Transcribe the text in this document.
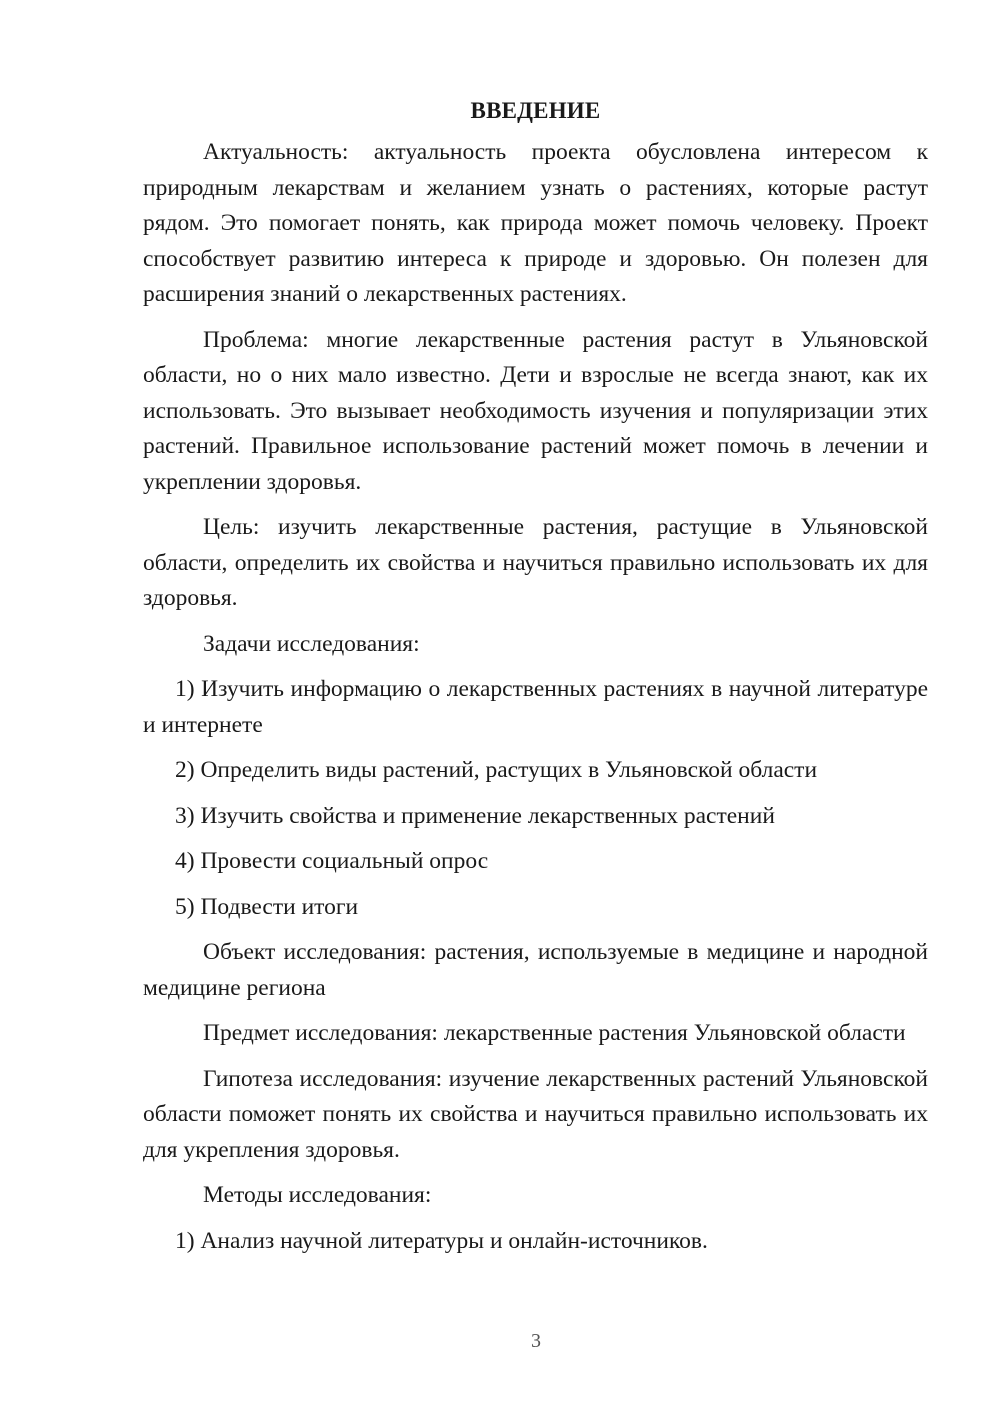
ВВЕДЕНИЕ

Актуальность: актуальность проекта обусловлена интересом к природным лекарствам и желанием узнать о растениях, которые растут рядом. Это помогает понять, как природа может помочь человеку. Проект способствует развитию интереса к природе и здоровью. Он полезен для расширения знаний о лекарственных растениях.

Проблема: многие лекарственные растения растут в Ульяновской области, но о них мало известно. Дети и взрослые не всегда знают, как их использовать. Это вызывает необходимость изучения и популяризации этих растений. Правильное использование растений может помочь в лечении и укреплении здоровья.

Цель: изучить лекарственные растения, растущие в Ульяновской области, определить их свойства и научиться правильно использовать их для здоровья.

Задачи исследования:

1) Изучить информацию о лекарственных растениях в научной литературе и интернете

2) Определить виды растений, растущих в Ульяновской области

3) Изучить свойства и применение лекарственных растений

4) Провести социальный опрос

5) Подвести итоги

Объект исследования: растения, используемые в медицине и народной медицине региона

Предмет исследования: лекарственные растения Ульяновской области

Гипотеза исследования: изучение лекарственных растений Ульяновской области поможет понять их свойства и научиться правильно использовать их для укрепления здоровья.

Методы исследования:

1) Анализ научной литературы и онлайн-источников.

3
